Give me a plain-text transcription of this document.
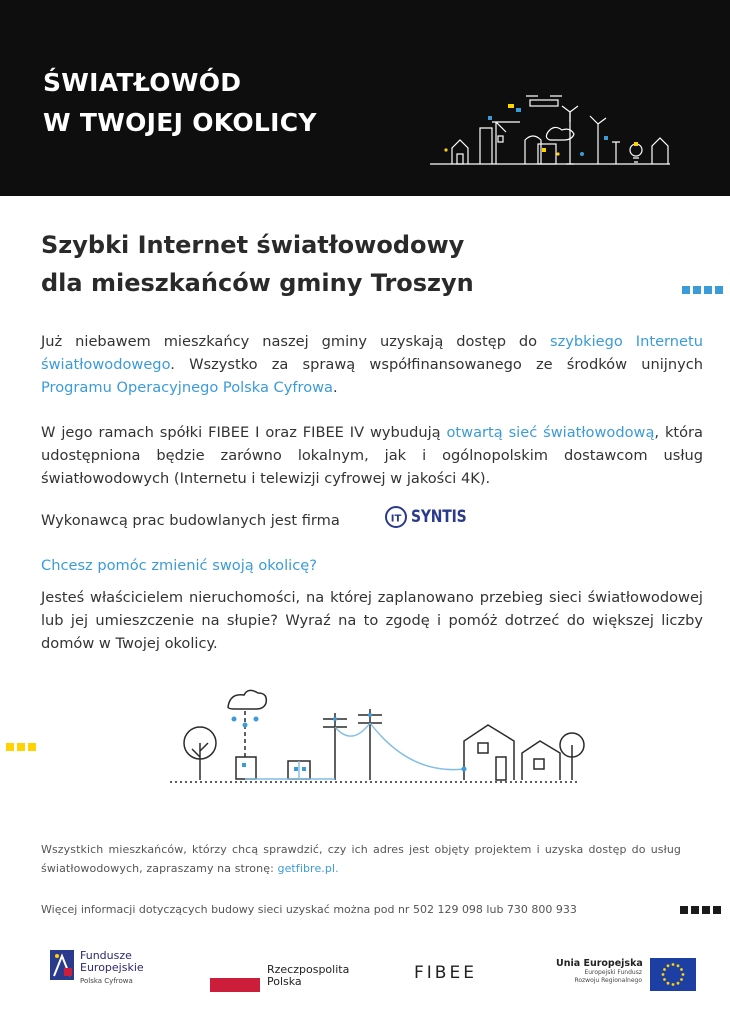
ŚWIATŁOWÓD
W TWOJEJ OKOLICY
Szybki Internet światłowodowy
dla mieszkańców gminy Troszyn
Już niebawem mieszkańcy naszej gminy uzyskają dostęp do szybkiego Internetu światłowodowego. Wszystko za sprawą współfinansowanego ze środków unijnych Programu Operacyjnego Polska Cyfrowa.
W jego ramach spółki FIBEE I oraz FIBEE IV wybudują otwartą sieć światłowodową, która udostępniona będzie zarówno lokalnym, jak i ogólnopolskim dostawcom usług światłowodowych (Internetu i telewizji cyfrowej w jakości 4K).
Wykonawcą prac budowlanych jest firma	IT SYNTIS
Chcesz pomóc zmienić swoją okolicę?
Jesteś właścicielem nieruchomości, na której zaplanowano przebieg sieci światłowodowej lub jej umieszczenie na słupie? Wyraź na to zgodę i pomóż dotrzeć do większej liczby domów w Twojej okolicy.
Wszystkich mieszkańców, którzy chcą sprawdzić, czy ich adres jest objęty projektem i uzyska dostęp do usług światłowodowych, zapraszamy na stronę: getfibre.pl.
Więcej informacji dotyczących budowy sieci uzyskać można pod nr 502 129 098 lub 730 800 933
Fundusze
Europejskie
Polska Cyfrowa
Rzeczpospolita
Polska	FIBEE	Unia Europejska
Europejski Fundusz
Rozwoju Regionalnego
